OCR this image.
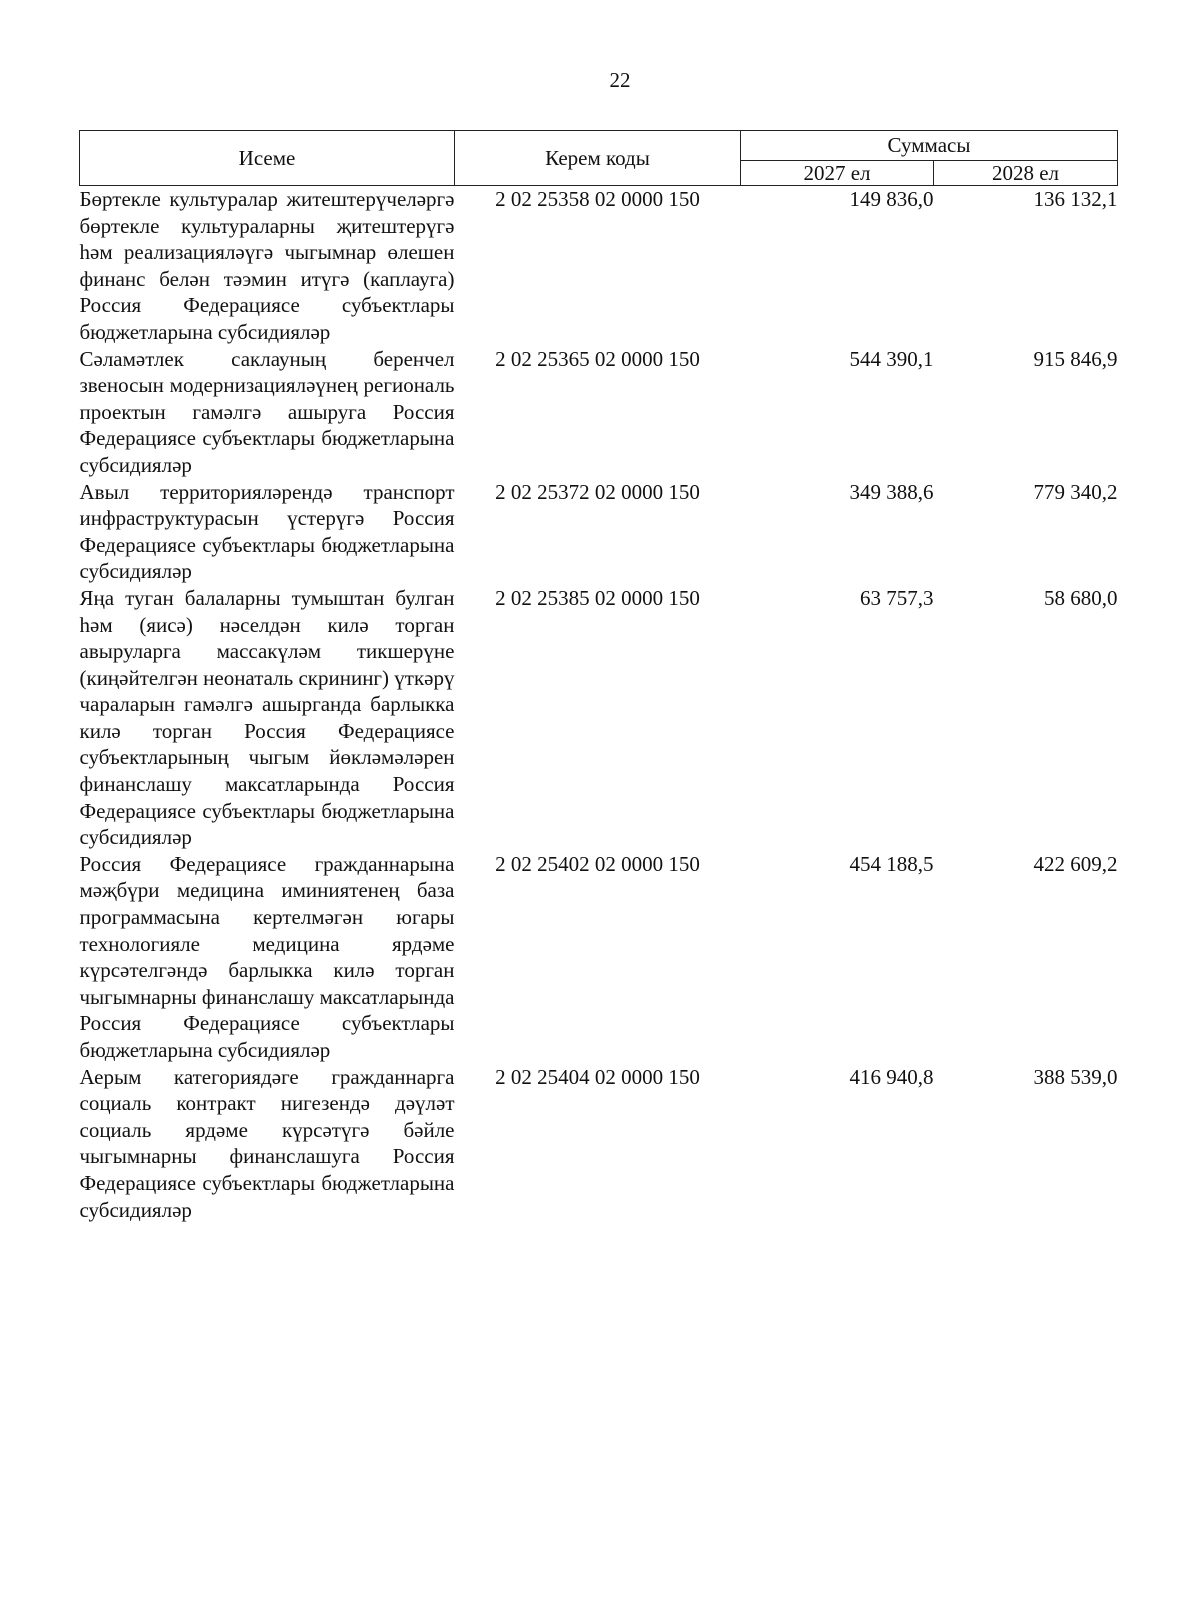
22
Исеме	Керем коды	Суммасы	
		2027 ел	2028 ел
Бөртекле культуралар житештерүчеләргә бөртекле культураларны җитештерүгә һәм реализацияләүгә чыгымнар өлешен финанс белән тәэмин итүгә (каплауга) Россия Федерациясе субъектлары бюджетларына субсидияләр	2 02 25358 02 0000 150	149 836,0	136 132,1
Сәламәтлек саклауның беренчел звеносын модернизацияләүнең региональ проектын гамәлгә ашыруга Россия Федерациясе субъектлары бюджетларына субсидияләр	2 02 25365 02 0000 150	544 390,1	915 846,9
Авыл территорияләрендә транспорт инфраструктурасын үстерүгә Россия Федерациясе субъектлары бюджетларына субсидияләр	2 02 25372 02 0000 150	349 388,6	779 340,2
Яңа туган балаларны тумыштан булган һәм (яисә) нәселдән килә торган авыруларга массакүләм тикшерүне (киңәйтелгән неонаталь скрининг) үткәрү чараларын гамәлгә ашырганда барлыкка килә торган Россия Федерациясе субъектларының чыгым йөкләмәләрен финанслашу максатларында Россия Федерациясе субъектлары бюджетларына субсидияләр	2 02 25385 02 0000 150	63 757,3	58 680,0
Россия Федерациясе гражданнарына мәҗбүри медицина иминиятенең база программасына кертелмәгән югары технологияле медицина ярдәме күрсәтелгәндә барлыкка килә торган чыгымнарны финанслашу максатларында Россия Федерациясе субъектлары бюджетларына субсидияләр	2 02 25402 02 0000 150	454 188,5	422 609,2
Аерым категориядәге гражданнарга социаль контракт нигезендә дәүләт социаль ярдәме күрсәтүгә бәйле чыгымнарны финанслашуга Россия Федерациясе субъектлары бюджетларына субсидияләр	2 02 25404 02 0000 150	416 940,8	388 539,0
